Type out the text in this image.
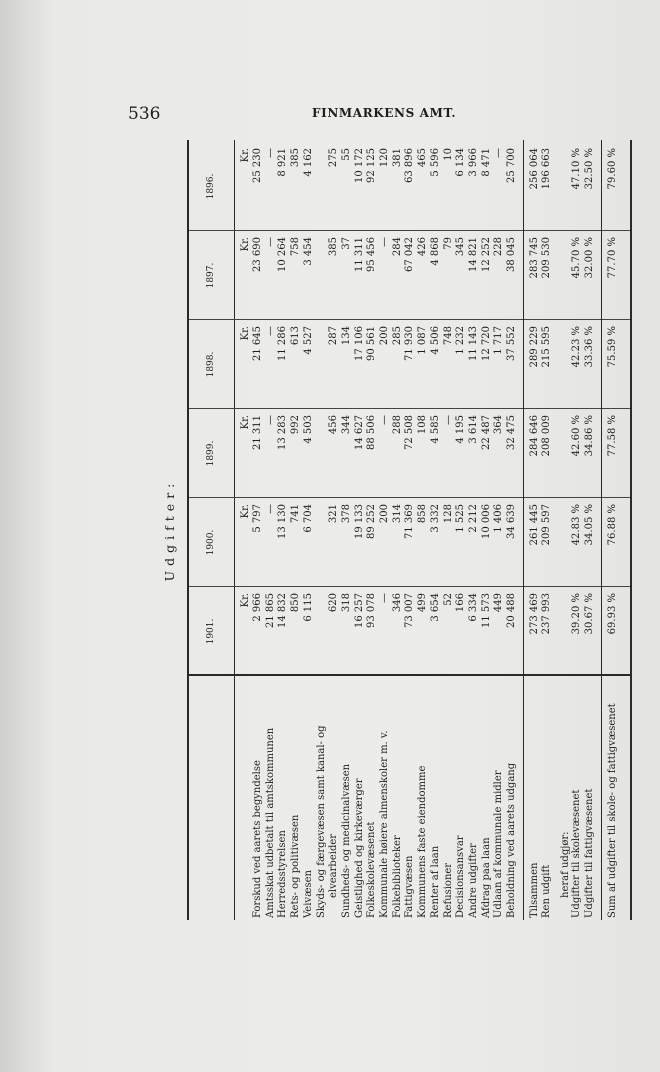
536	FINMARKENS AMT.
Udgifter:
1901.
1900.
1899.
1898.
1897.
1896.
Kr.
Kr.
Kr.
Kr.
Kr.
Kr.
Forskud ved aarets begyndelse
2 966
5 797
21 311
21 645
23 690
25 230
Amtsskat udbetalt til amtskommunen
21 865
—
—
—
—
—
Herredsstyrelsen
14 832
13 130
13 283
11 286
10 264
8 921
Rets- og politivæsen
850
741
992
613
758
385
Veivæsen
6 115
6 704
4 503
4 527
3 454
4 162
Skyds- og færgevæsen samt kanal- og elvearbeider
620
321
456
287
385
275
Sundheds- og medicinalvæsen
318
378
344
134
37
55
Geistlighed og kirkeværger
16 257
19 133
14 627
17 106
11 311
10 172
Folkeskolevæsenet
93 078
89 252
88 506
90 561
95 456
92 125
Kommunale høiere almenskoler m. v.
—
200
—
200
—
120
Folkebiblioteker
346
314
288
285
284
381
Fattigvæsen
73 007
71 369
72 508
71 930
67 042
63 896
Kommunens faste eiendomme
499
858
108
1 087
426
465
Renter af laan
3 654
3 332
4 585
4 506
4 868
5 596
Refusioner
52
128
—
748
79
10
Decisionsansvar
166
1 525
4 195
1 232
345
6 134
Andre udgifter
6 334
2 212
3 614
11 143
14 821
3 966
Afdrag paa laan
11 573
10 006
22 487
12 720
12 252
8 471
Udlaan af kommunale midler
449
1 406
364
1 717
228
—
Beholdning ved aarets udgang
20 488
34 639
32 475
37 552
38 045
25 700
Tilsammen
273 469
261 445
284 646
289 229
283 745
256 064
Ren udgift
237 993
209 597
208 009
215 595
209 530
196 663
heraf udgjør: Udgifter til skolevæsenet
39.20 %
42.83 %
42.60 %
42.23 %
45.70 %
47.10 %
Udgifter til fattigvæsenet
30.67 %
34.05 %
34.86 %
33.36 %
32.00 %
32.50 %
Sum af udgifter til skole- og fattigvæsenet
69.93 %
76.88 %
77.58 %
75.59 %
77.70 %
79.60 %
